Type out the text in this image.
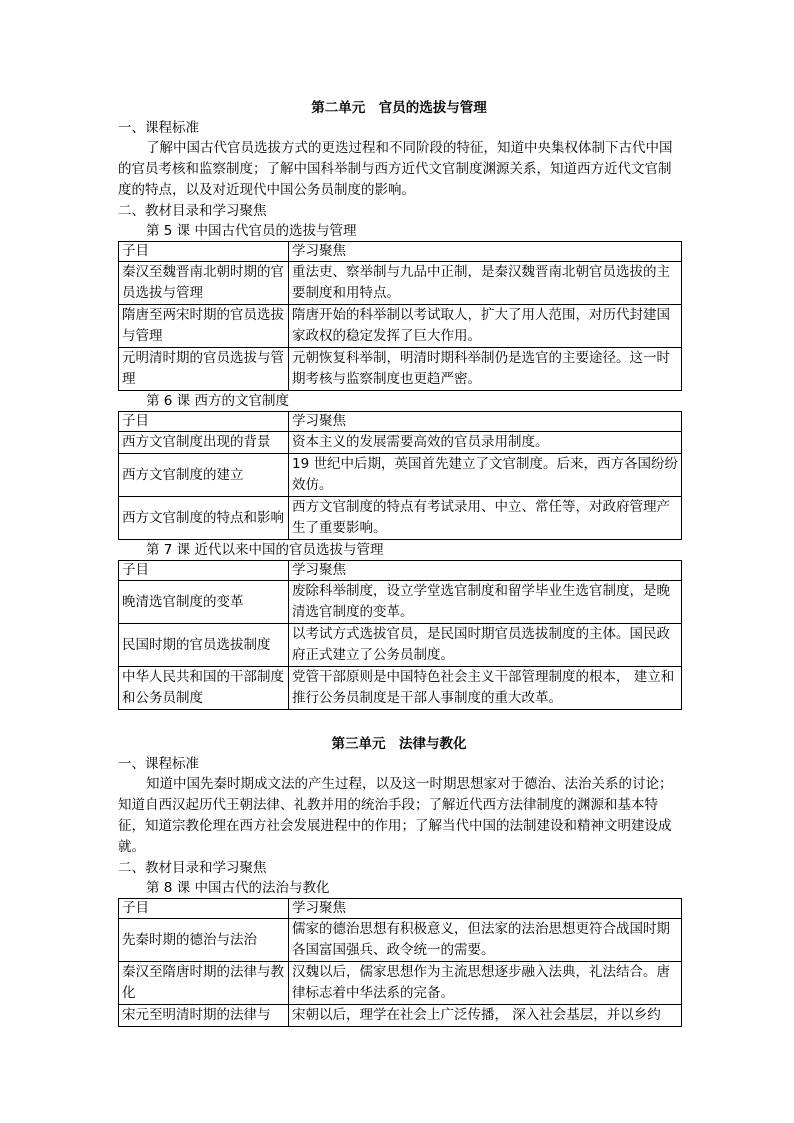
第二单元　官员的选拔与管理

一、课程标准

了解中国古代官员选拔方式的更迭过程和不同阶段的特征，知道中央集权体制下古代中国的官员考核和监察制度；了解中国科举制与西方近代文官制度渊源关系，知道西方近代文官制度的特点，以及对近现代中国公务员制度的影响。

二、教材目录和学习聚焦

第 5 课 中国古代官员的选拔与管理

子目	学习聚焦
秦汉至魏晋南北朝时期的官员选拔与管理	重法吏、察举制与九品中正制，是秦汉魏晋南北朝官员选拔的主要制度和用特点。
隋唐至两宋时期的官员选拔与管理	隋唐开始的科举制以考试取人，扩大了用人范围，对历代封建国家政权的稳定发挥了巨大作用。
元明清时期的官员选拔与管理	元朝恢复科举制，明清时期科举制仍是选官的主要途径。这一时期考核与监察制度也更趋严密。

第 6 课 西方的文官制度

子目	学习聚焦
西方文官制度出现的背景	资本主义的发展需要高效的官员录用制度。
西方文官制度的建立	19 世纪中后期，英国首先建立了文官制度。后来，西方各国纷纷效仿。
西方文官制度的特点和影响	西方文官制度的特点有考试录用、中立、常任等，对政府管理产生了重要影响。

第 7 课 近代以来中国的官员选拔与管理

子目	学习聚焦
晚清选官制度的变革	废除科举制度，设立学堂选官制度和留学毕业生选官制度，是晚清选官制度的变革。
民国时期的官员选拔制度	以考试方式选拔官员，是民国时期官员选拔制度的主体。国民政府正式建立了公务员制度。
中华人民共和国的干部制度和公务员制度	党管干部原则是中国特色社会主义干部管理制度的根本， 建立和推行公务员制度是干部人事制度的重大改革。

第三单元　法律与教化

一、课程标准

知道中国先秦时期成文法的产生过程，以及这一时期思想家对于德治、法治关系的讨论；知道自西汉起历代王朝法律、礼教并用的统治手段；了解近代西方法律制度的渊源和基本特征，知道宗教伦理在西方社会发展进程中的作用；了解当代中国的法制建设和精神文明建设成就。

二、教材目录和学习聚焦

第 8 课 中国古代的法治与教化

子目	学习聚焦
先秦时期的德治与法治	儒家的德治思想有积极意义，但法家的法治思想更符合战国时期各国富国强兵、政令统一的需要。
秦汉至隋唐时期的法律与教化	汉魏以后，儒家思想作为主流思想逐步融入法典，礼法结合。唐律标志着中华法系的完备。
宋元至明清时期的法律与	宋朝以后，理学在社会上广泛传播， 深入社会基层，并以乡约
